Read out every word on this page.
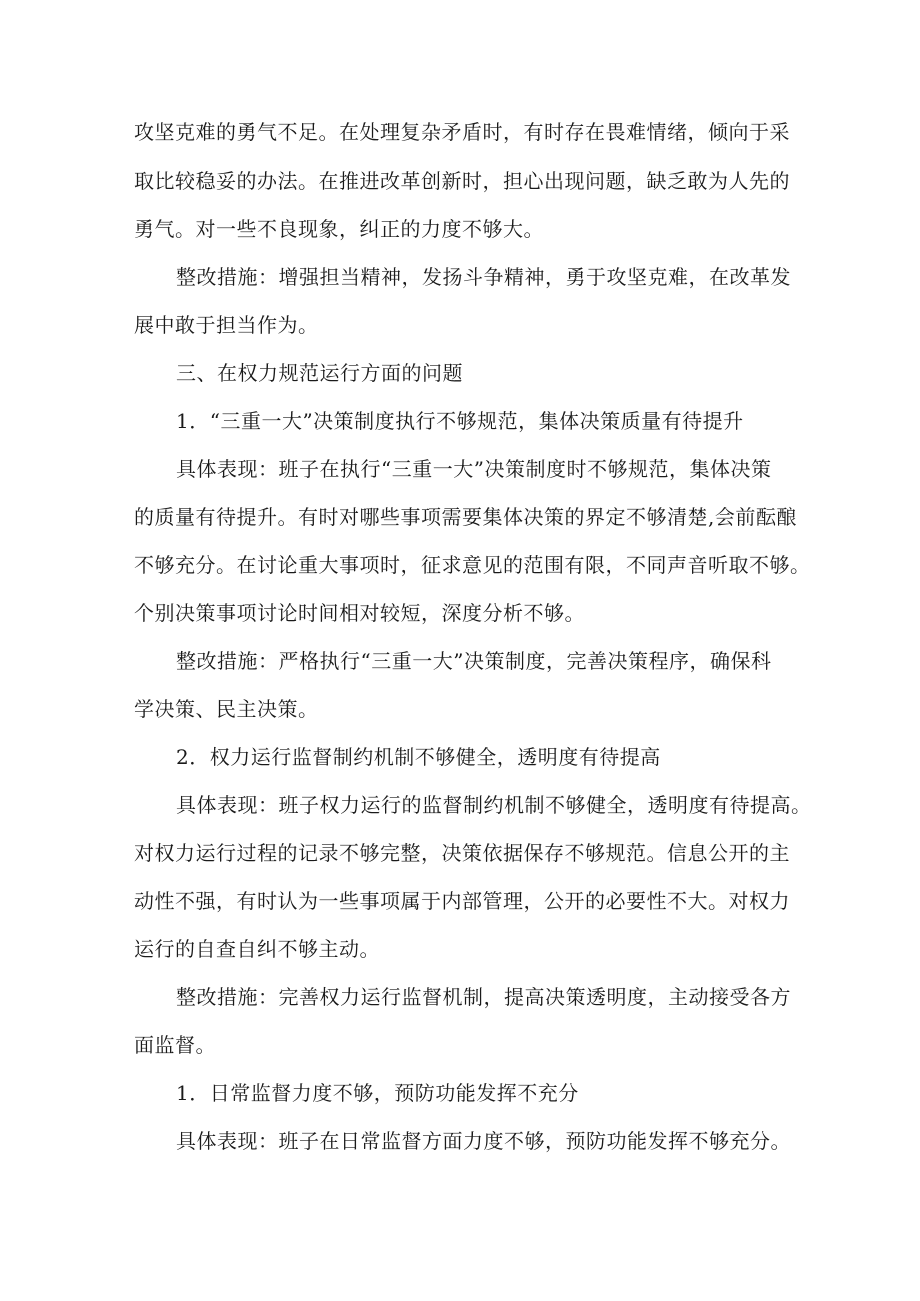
攻坚克难的勇气不足。在处理复杂矛盾时，有时存在畏难情绪，倾向于采
取比较稳妥的办法。在推进改革创新时，担心出现问题，缺乏敢为人先的
勇气。对一些不良现象，纠正的力度不够大。
整改措施：增强担当精神，发扬斗争精神，勇于攻坚克难，在改革发
展中敢于担当作为。
三、在权力规范运行方面的问题
1．“三重一大”决策制度执行不够规范，集体决策质量有待提升
具体表现：班子在执行“三重一大”决策制度时不够规范，集体决策
的质量有待提升。有时对哪些事项需要集体决策的界定不够清楚,会前酝酿
不够充分。在讨论重大事项时，征求意见的范围有限，不同声音听取不够。
个别决策事项讨论时间相对较短，深度分析不够。
整改措施：严格执行“三重一大”决策制度，完善决策程序，确保科
学决策、民主决策。
2．权力运行监督制约机制不够健全，透明度有待提高
具体表现：班子权力运行的监督制约机制不够健全，透明度有待提高。
对权力运行过程的记录不够完整，决策依据保存不够规范。信息公开的主
动性不强，有时认为一些事项属于内部管理，公开的必要性不大。对权力
运行的自查自纠不够主动。
整改措施：完善权力运行监督机制，提高决策透明度，主动接受各方
面监督。
1．日常监督力度不够，预防功能发挥不充分
具体表现：班子在日常监督方面力度不够，预防功能发挥不够充分。
